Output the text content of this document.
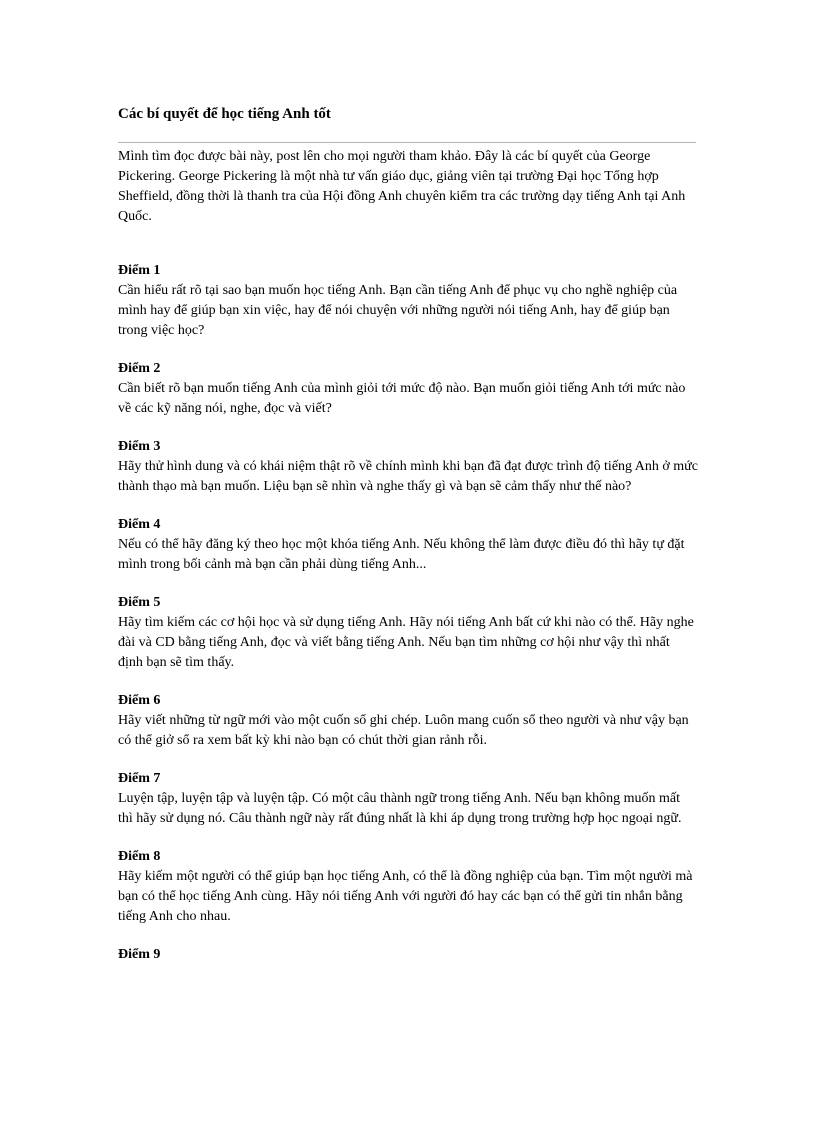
Các bí quyết để học tiếng Anh tốt

Mình tìm đọc được bài này, post lên cho mọi người tham khảo. Đây là các bí quyết của George Pickering. George Pickering là một nhà tư vấn giáo dục, giảng viên tại trường Đại học Tổng hợp Sheffield, đồng thời là thanh tra của Hội đồng Anh chuyên kiểm tra các trường dạy tiếng Anh tại Anh Quốc.

Điểm 1

Cần hiểu rất rõ tại sao bạn muốn học tiếng Anh. Bạn cần tiếng Anh để phục vụ cho nghề nghiệp của mình hay để giúp bạn xin việc, hay để nói chuyện với những người nói tiếng Anh, hay để giúp bạn trong việc học?

Điểm 2

Cần biết rõ bạn muốn tiếng Anh của mình giỏi tới mức độ nào. Bạn muốn giỏi tiếng Anh tới mức nào về các kỹ năng nói, nghe, đọc và viết?

Điểm 3

Hãy thử hình dung và có khái niệm thật rõ về chính mình khi bạn đã đạt được trình độ tiếng Anh ở mức thành thạo mà bạn muốn. Liệu bạn sẽ nhìn và nghe thấy gì và bạn sẽ cảm thấy như thế nào?

Điểm 4

Nếu có thể hãy đăng ký theo học một khóa tiếng Anh. Nếu không thể làm được điều đó thì hãy tự đặt mình trong bối cảnh mà bạn cần phải dùng tiếng Anh...

Điểm 5

Hãy tìm kiếm các cơ hội học và sử dụng tiếng Anh. Hãy nói tiếng Anh bất cứ khi nào có thể. Hãy nghe đài và CD bằng tiếng Anh, đọc và viết bằng tiếng Anh. Nếu bạn tìm những cơ hội như vậy thì nhất định bạn sẽ tìm thấy.

Điểm 6

Hãy viết những từ ngữ mới vào một cuốn sổ ghi chép. Luôn mang cuốn sổ theo người và như vậy bạn có thể giở sổ ra xem bất kỳ khi nào bạn có chút thời gian rảnh rỗi.

Điểm 7

Luyện tập, luyện tập và luyện tập. Có một câu thành ngữ trong tiếng Anh. Nếu bạn không muốn mất thì hãy sử dụng nó. Câu thành ngữ này rất đúng nhất là khi áp dụng trong trường hợp học ngoại ngữ.

Điểm 8

Hãy kiếm một người có thể giúp bạn học tiếng Anh, có thể là đồng nghiệp của bạn. Tìm một người mà bạn có thể học tiếng Anh cùng. Hãy nói tiếng Anh với người đó hay các bạn có thể gửi tin nhắn bằng tiếng Anh cho nhau.

Điểm 9
